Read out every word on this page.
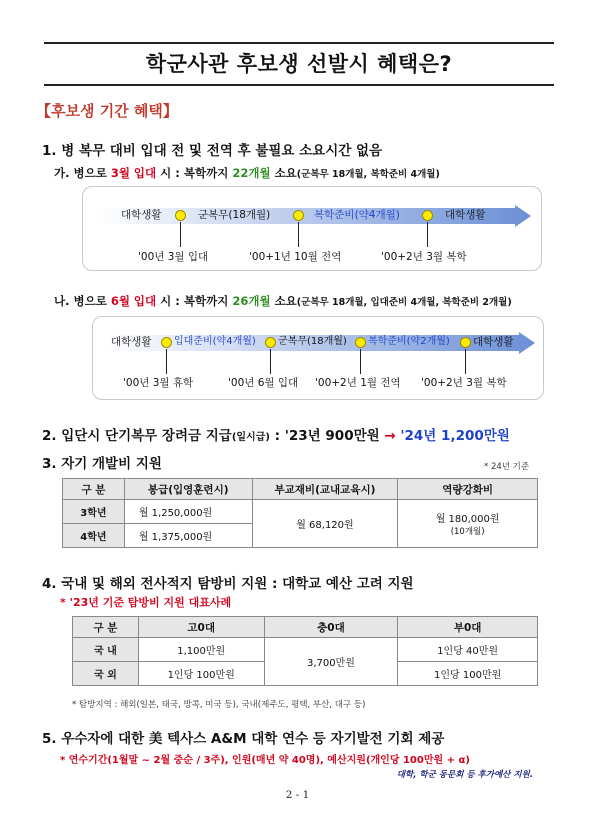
학군사관 후보생 선발시 혜택은?
【후보생 기간 혜택】
1. 병 복무 대비 입대 전 및 전역 후 불필요 소요시간 없음
가. 병으로 3월 입대 시 : 복학까지 22개월 소요(군복무 18개월, 복학준비 4개월)
대학생활	군복무(18개월)	복학준비(약4개월)	대학생활
'00년 3월 입대	'00+1년 10월 전역	'00+2년 3월 복학
나. 병으로 6월 입대 시 : 복학까지 26개월 소요(군복무 18개월, 입대준비 4개월, 복학준비 2개월)
대학생활 입대준비(약4개월) 군복무(18개월) 복학준비(약2개월) 대학생활
'00년 3월 휴학	'00년 6월 입대 '00+2년 1월 전역 '00+2년 3월 복학
2. 입단시 단기복무 장려금 지급(일시급) : '23년 900만원 → '24년 1,200만원
3. 자기 개발비 지원	* 24년 기준
구 분	봉급(입영훈련시)	부교재비(교내교육시)	역량강화비
3학년	월 1,250,000원	월 68,120원	월 180,000원
(10개월)

4학년	월 1,375,000원		
4. 국내 및 해외 전사적지 탐방비 지원 : 대학교 예산 고려 지원
* '23년 기준 탐방비 지원 대표사례
구 분	고0대	충0대	부0대
국 내	1,100만원	3,700만원	1인당 40만원
국 외	1인당 100만원		1인당 100만원
* 탐방지역 : 해외(일본, 태국, 방콕, 미국 등), 국내(제주도, 평택, 부산, 대구 등)
5. 우수자에 대한 美 텍사스 A&M 대학 연수 등 자기발전 기회 제공
* 연수기간(1월말 ~ 2월 중순 / 3주), 인원(매년 약 40명), 예산지원(개인당 100만원 + α)
대학, 학군 동문회 등 후가예산 지원.
2 - 1
